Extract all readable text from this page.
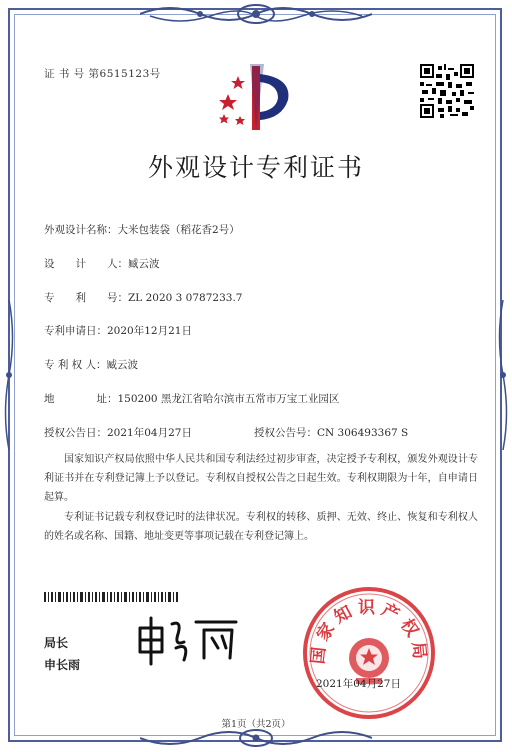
证 书 号 第6515123号
外观设计专利证书
外观设计名称：大米包装袋（稻花香2号）
设　　计　　人：臧云波
专　　利　　号：ZL 2020 3 0787233.7
专利申请日：2020年12月21日
专 利 权 人：臧云波
地　　　　址：150200 黑龙江省哈尔滨市五常市万宝工业园区
授权公告日：2021年04月27日	授权公告号：CN 306493367 S
国家知识产权局依照中华人民共和国专利法经过初步审查，决定授予专利权，颁发外观设计专利证书并在专利登记簿上予以登记。专利权自授权公告之日起生效。专利权期限为十年，自申请日起算。
专利证书记载专利权登记时的法律状况。专利权的转移、质押、无效、终止、恢复和专利权人的姓名或名称、国籍、地址变更等事项记载在专利登记簿上。
局长
申长雨
国家知识产权局
2021年04月27日
第1页（共2页）
